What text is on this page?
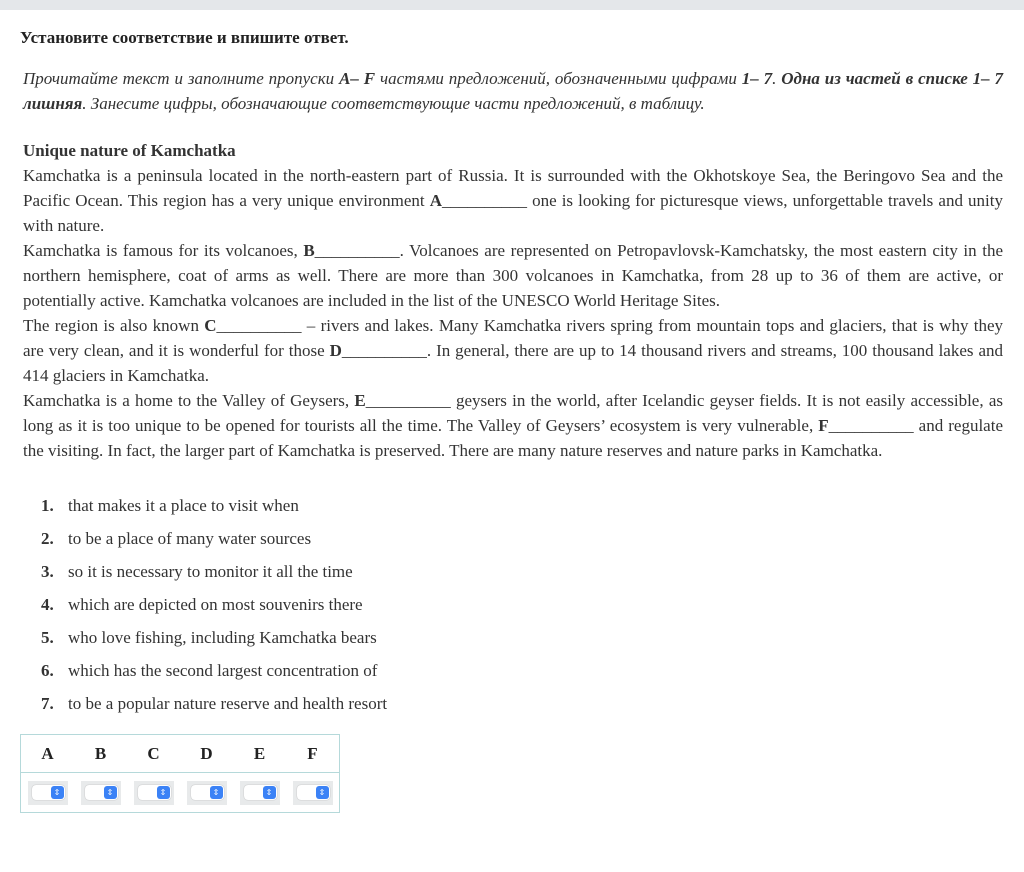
Установите соответствие и впишите ответ.
Прочитайте текст и заполните пропуски A– F частями предложений, обозначенными цифрами 1– 7. Одна из частей в списке 1– 7 лишняя. Занесите цифры, обозначающие соответствующие части предложений, в таблицу.
Unique nature of Kamchatka
Kamchatka is a peninsula located in the north-eastern part of Russia. It is surrounded with the Okhotskoye Sea, the Beringovo Sea and the Pacific Ocean. This region has a very unique environment A__________ one is looking for picturesque views, unforgettable travels and unity with nature.
Kamchatka is famous for its volcanoes, B__________. Volcanoes are represented on Petropavlovsk-Kamchatsky, the most eastern city in the northern hemisphere, coat of arms as well. There are more than 300 volcanoes in Kamchatka, from 28 up to 36 of them are active, or potentially active. Kamchatka volcanoes are included in the list of the UNESCO World Heritage Sites.
The region is also known C__________ – rivers and lakes. Many Kamchatka rivers spring from mountain tops and glaciers, that is why they are very clean, and it is wonderful for those D__________. In general, there are up to 14 thousand rivers and streams, 100 thousand lakes and 414 glaciers in Kamchatka.
Kamchatka is a home to the Valley of Geysers, E__________ geysers in the world, after Icelandic geyser fields. It is not easily accessible, as long as it is too unique to be opened for tourists all the time. The Valley of Geysers’ ecosystem is very vulnerable, F__________ and regulate the visiting. In fact, the larger part of Kamchatka is preserved. There are many nature reserves and nature parks in Kamchatka.
1. that makes it a place to visit when
2. to be a place of many water sources
3. so it is necessary to monitor it all the time
4. which are depicted on most souvenirs there
5. who love fishing, including Kamchatka bears
6. which has the second largest concentration of
7. to be a popular nature reserve and health resort
A	B	C	D	E	F

⇕	⇕	⇕	⇕	⇕	⇕
